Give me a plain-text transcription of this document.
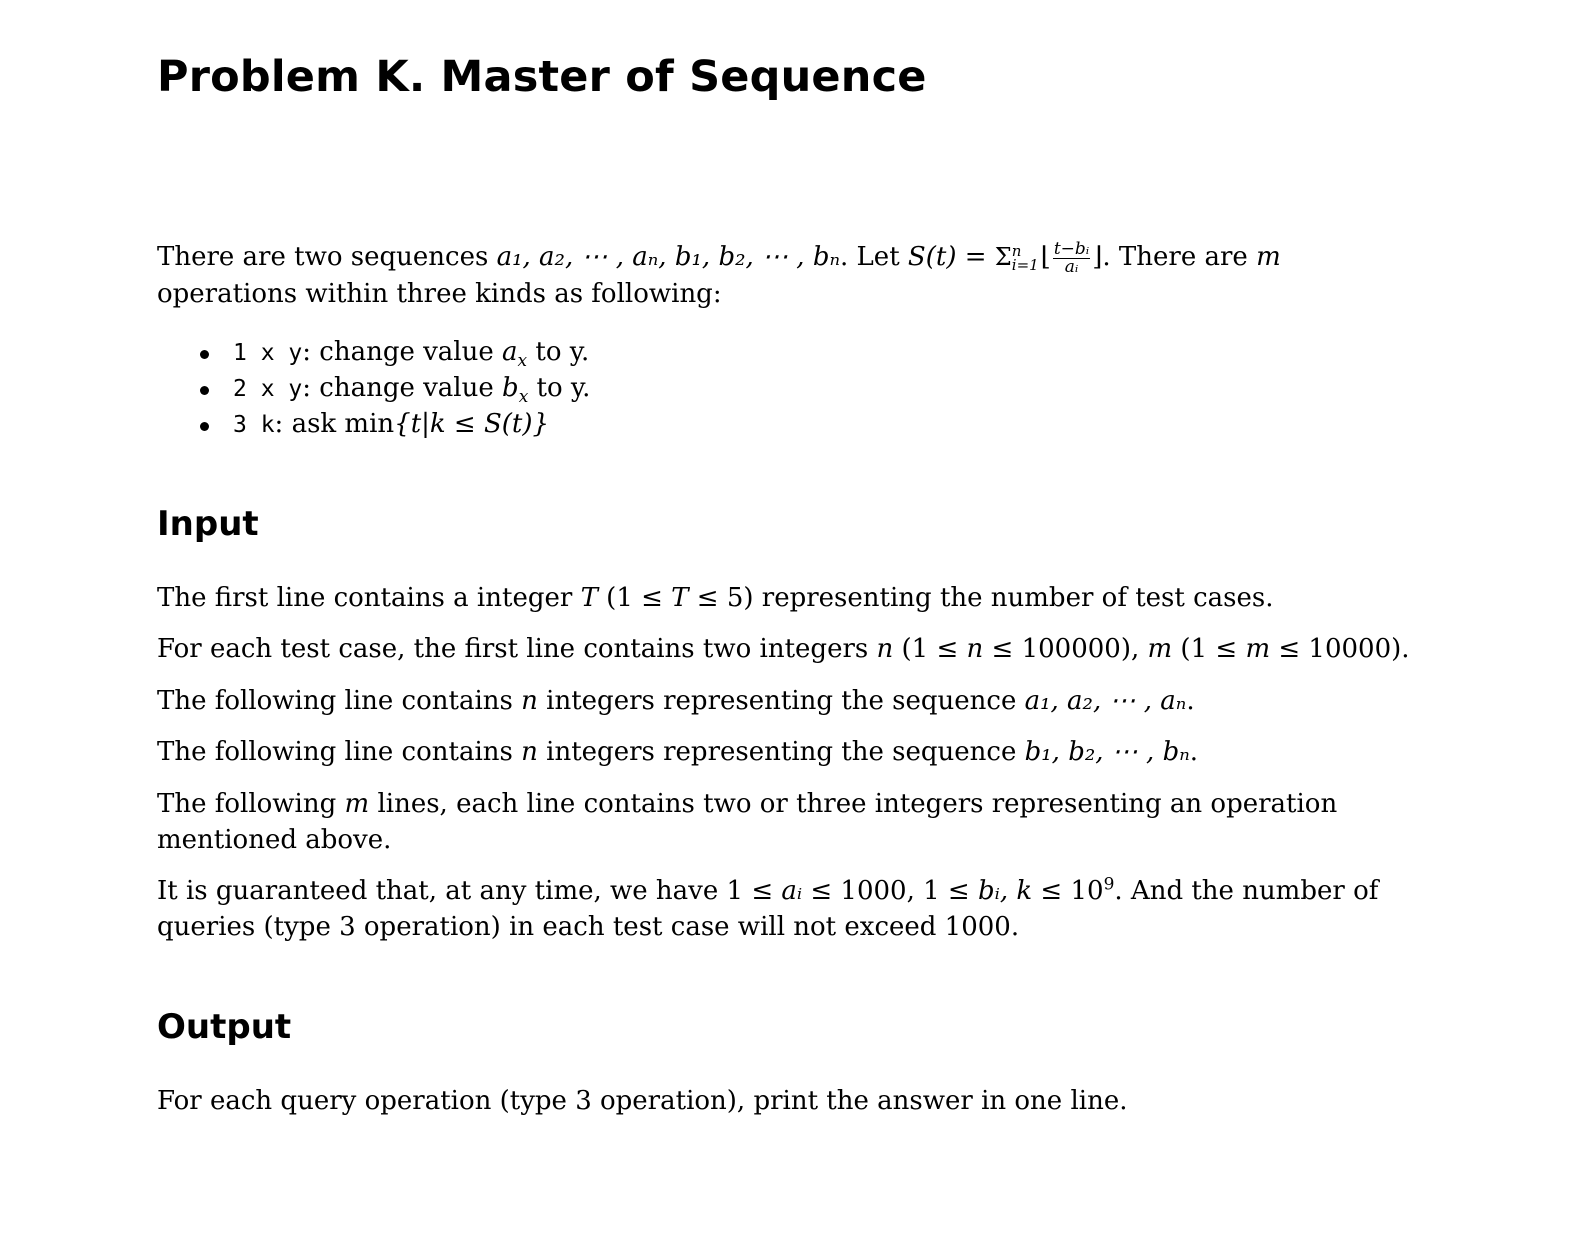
Problem K. Master of Sequence
There are two sequences a₁, a₂, ⋯ , aₙ, b₁, b₂, ⋯ , bₙ. Let S(t) = Σ n
i=1 ⌊ $\frac{\text{t−bᵢ}}{\text{aᵢ}}$ ⌋. There are m operations within three kinds as following:
1 x y: change value $a_x$ to y.
2 x y: change value $b_x$ to y.
3 k: ask min{t|k ≤ S(t)}
Input
The first line contains a integer T (1 ≤ T ≤ 5) representing the number of test cases.
For each test case, the first line contains two integers n (1 ≤ n ≤ 100000), m (1 ≤ m ≤ 10000).
The following line contains n integers representing the sequence a₁, a₂, ⋯ , aₙ.
The following line contains n integers representing the sequence b₁, b₂, ⋯ , bₙ.
The following m lines, each line contains two or three integers representing an operation mentioned above.
It is guaranteed that, at any time, we have 1 ≤ aᵢ ≤ 1000, 1 ≤ bᵢ, $k \le 10^9$. And the number of queries (type 3 operation) in each test case will not exceed 1000.
Output
For each query operation (type 3 operation), print the answer in one line.
